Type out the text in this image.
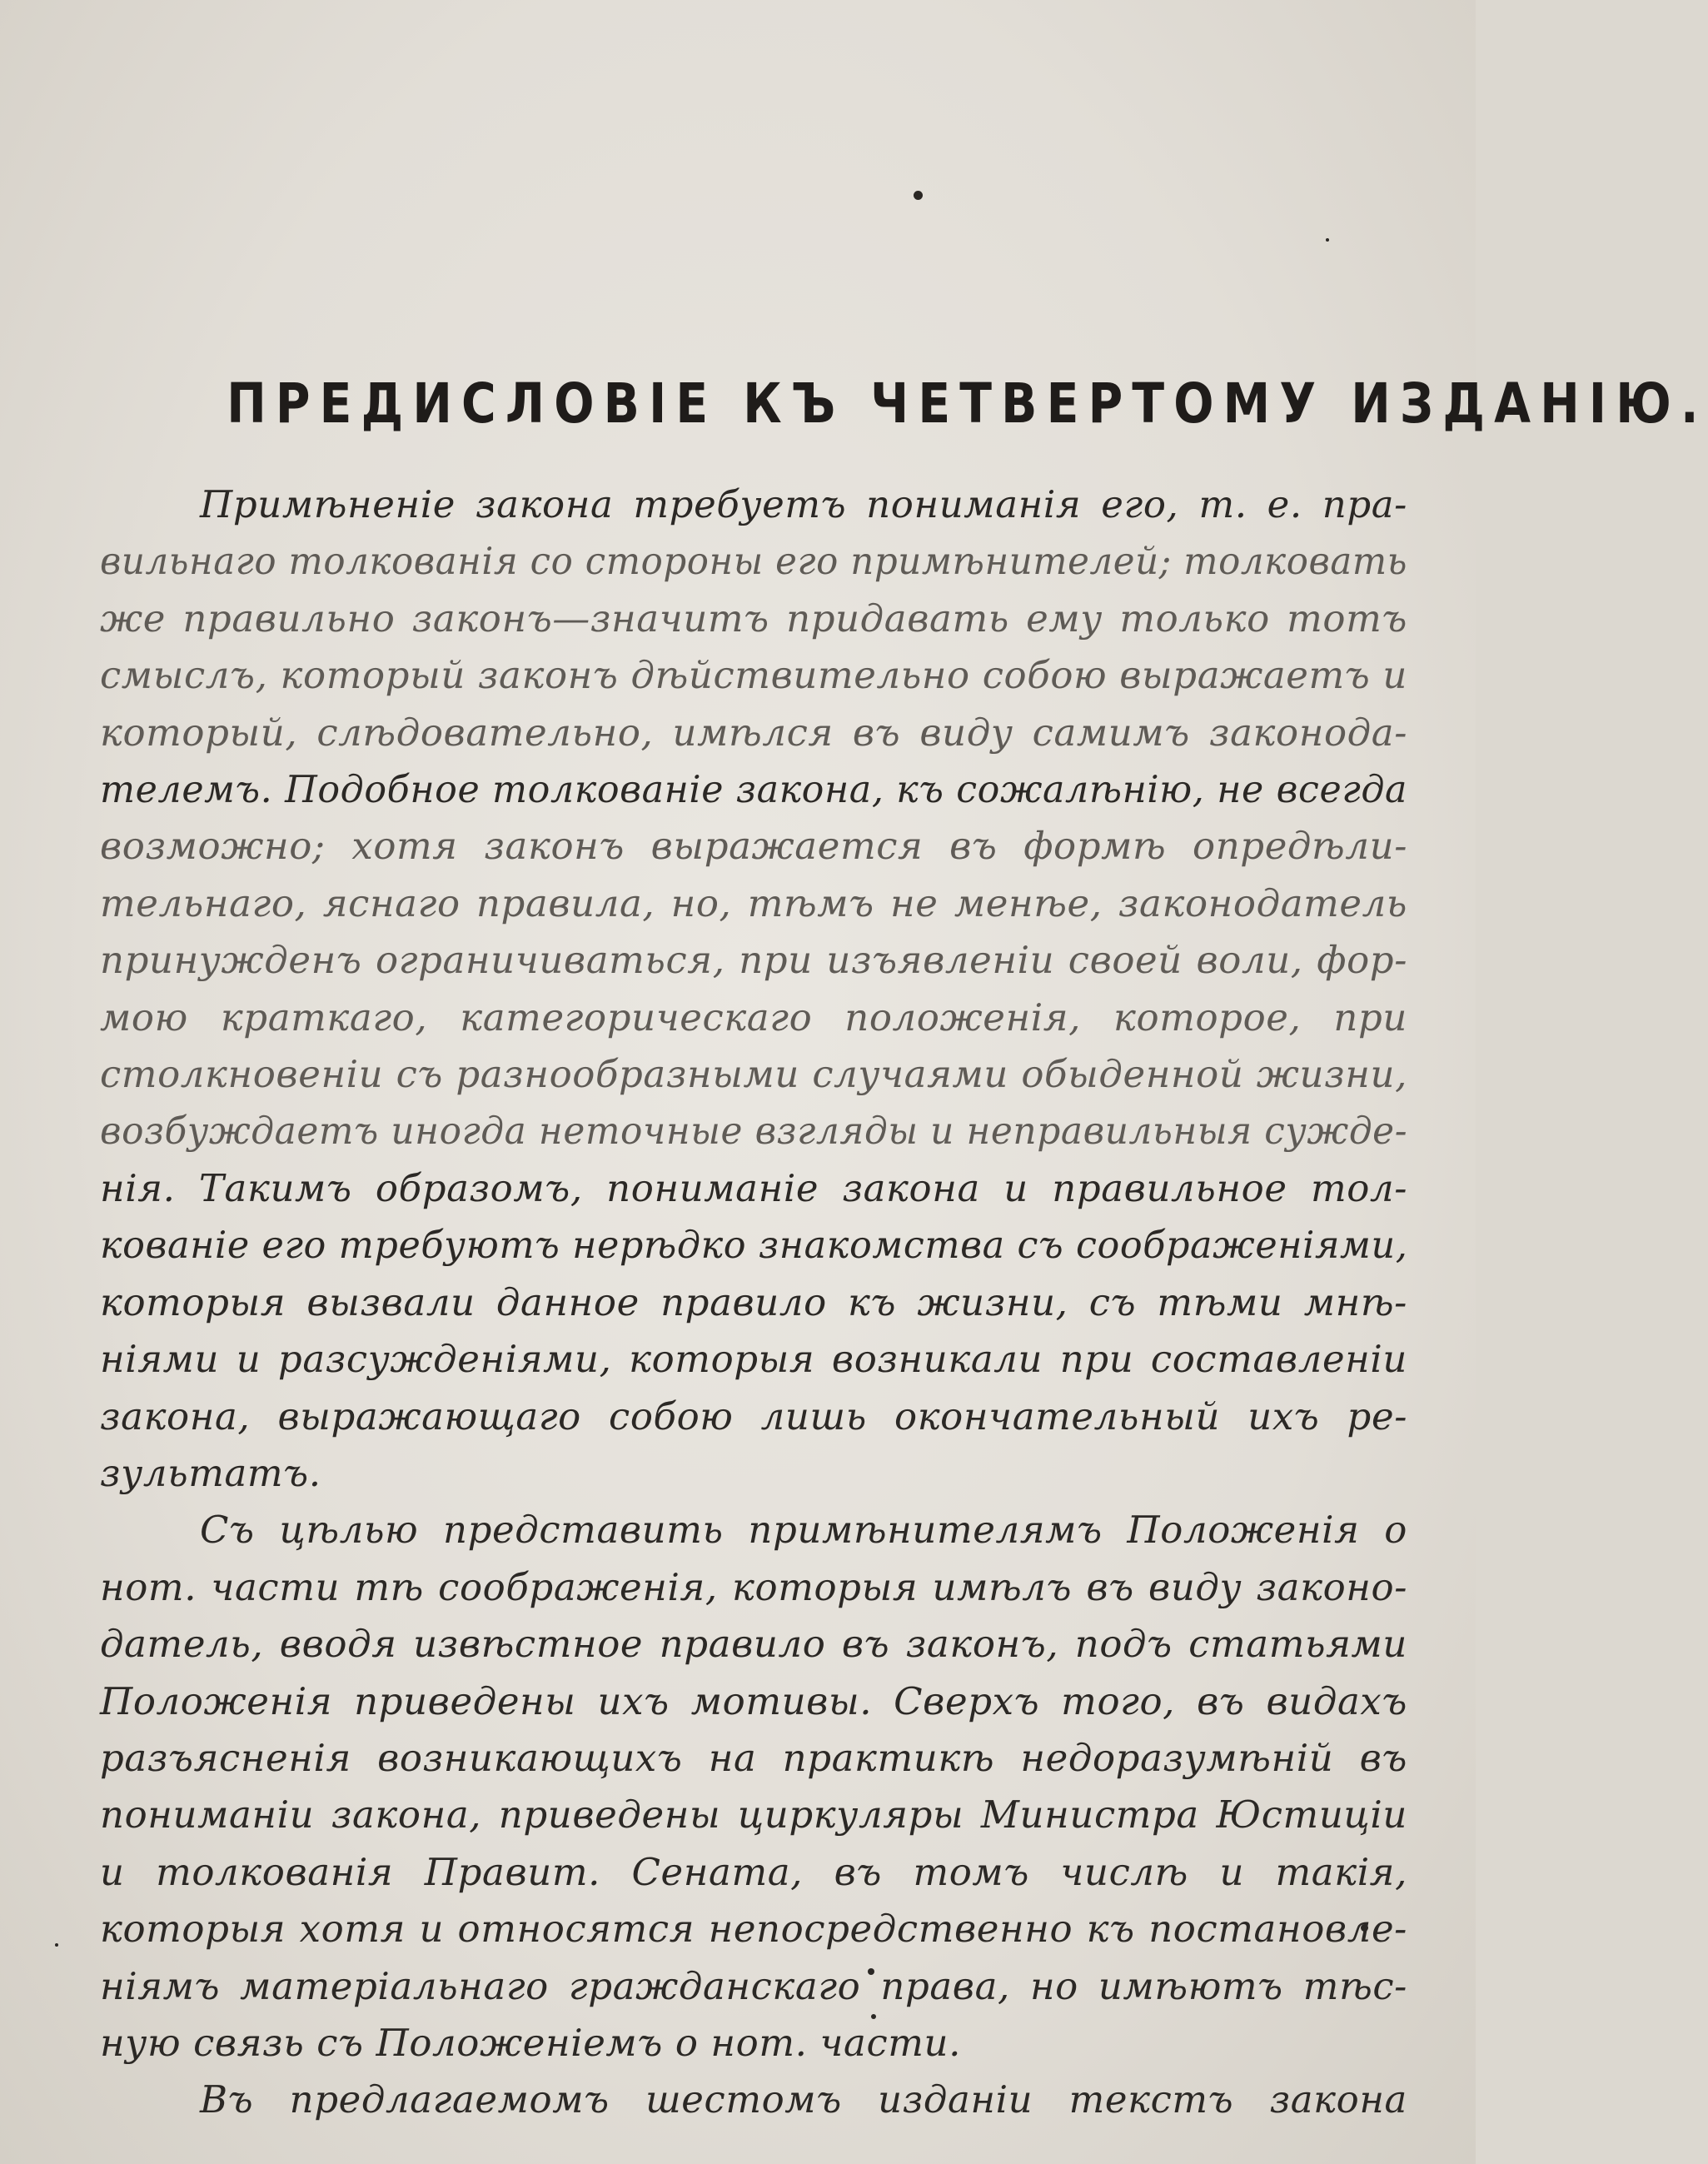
ПРЕДИСЛОВІЕ КЪ ЧЕТВЕРТОМУ ИЗДАНІЮ.
Примѣненіе закона требуетъ пониманія его, т. е. пра-
вильнаго толкованія со стороны его примѣнителей; толковать
же правильно законъ—значитъ придавать ему только тотъ
смыслъ, который законъ дѣйствительно собою выражаетъ и
который, слѣдовательно, имѣлся въ виду самимъ законода-
телемъ. Подобное толкованіе закона, къ сожалѣнію, не всегда
возможно; хотя законъ выражается въ формѣ опредѣли-
тельнаго, яснаго правила, но, тѣмъ не менѣе, законодатель
принужденъ ограничиваться, при изъявленіи своей воли, фор-
мою краткаго, категорическаго положенія, которое, при
столкновеніи съ разнообразными случаями обыденной жизни,
возбуждаетъ иногда неточные взгляды и неправильныя сужде-
нія. Такимъ образомъ, пониманіе закона и правильное тол-
кованіе его требуютъ нерѣдко знакомства съ соображеніями,
которыя вызвали данное правило къ жизни, съ тѣми мнѣ-
ніями и разсужденіями, которыя возникали при составленіи
закона, выражающаго собою лишь окончательный ихъ ре-
зультатъ.
Съ цѣлью представить примѣнителямъ Положенія о
нот. части тѣ соображенія, которыя имѣлъ въ виду законо-
датель, вводя извѣстное правило въ законъ, подъ статьями
Положенія приведены ихъ мотивы. Сверхъ того, въ видахъ
разъясненія возникающихъ на практикѣ недоразумѣній въ
пониманіи закона, приведены циркуляры Министра Юстиціи
и толкованія Правит. Сената, въ томъ числѣ и такія,
которыя хотя и относятся непосредственно къ постановле-
ніямъ матеріальнаго гражданскаго права, но имѣютъ тѣс-
ную связь съ Положеніемъ о нот. части.
Въ предлагаемомъ шестомъ изданіи текстъ закона
